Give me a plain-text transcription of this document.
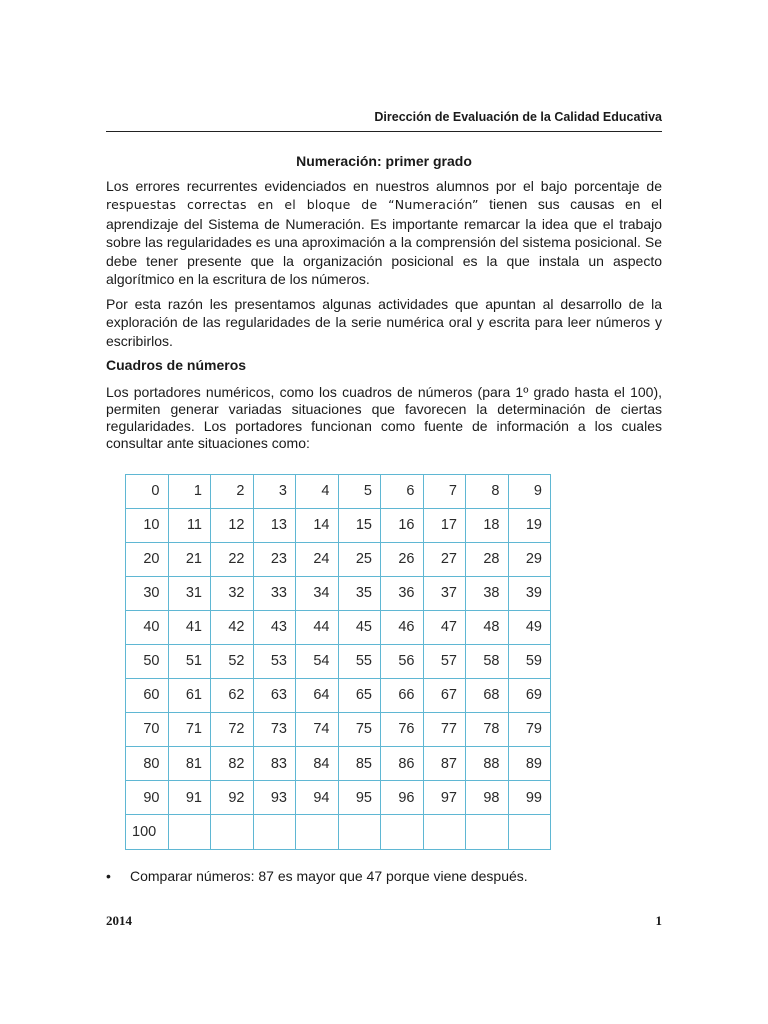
Dirección de Evaluación de la Calidad Educativa
Numeración: primer grado

Los errores recurrentes evidenciados en nuestros alumnos por el bajo porcentaje de respuestas correctas en el bloque de “Numeración” tienen sus causas en el aprendizaje del Sistema de Numeración. Es importante remarcar la idea que el trabajo sobre las regularidades es una aproximación a la comprensión del sistema posicional. Se debe tener presente que la organización posicional es la que instala un aspecto algorítmico en la escritura de los números.

Por esta razón les presentamos algunas actividades que apuntan al desarrollo de la exploración de las regularidades de la serie numérica oral y escrita para leer números y escribirlos.

Cuadros de números

Los portadores numéricos, como los cuadros de números (para 1º grado hasta el 100), permiten generar variadas situaciones que favorecen la determinación de ciertas regularidades. Los portadores funcionan como fuente de información a los cuales consultar ante situaciones como:

0	1	2	3	4	5	6	7	8	9
10	11	12	13	14	15	16	17	18	19
20	21	22	23	24	25	26	27	28	29
30	31	32	33	34	35	36	37	38	39
40	41	42	43	44	45	46	47	48	49
50	51	52	53	54	55	56	57	58	59
60	61	62	63	64	65	66	67	68	69
70	71	72	73	74	75	76	77	78	79
80	81	82	83	84	85	86	87	88	89
90	91	92	93	94	95	96	97	98	99
100									
•	Comparar números: 87 es mayor que 47 porque viene después.
2014	1
